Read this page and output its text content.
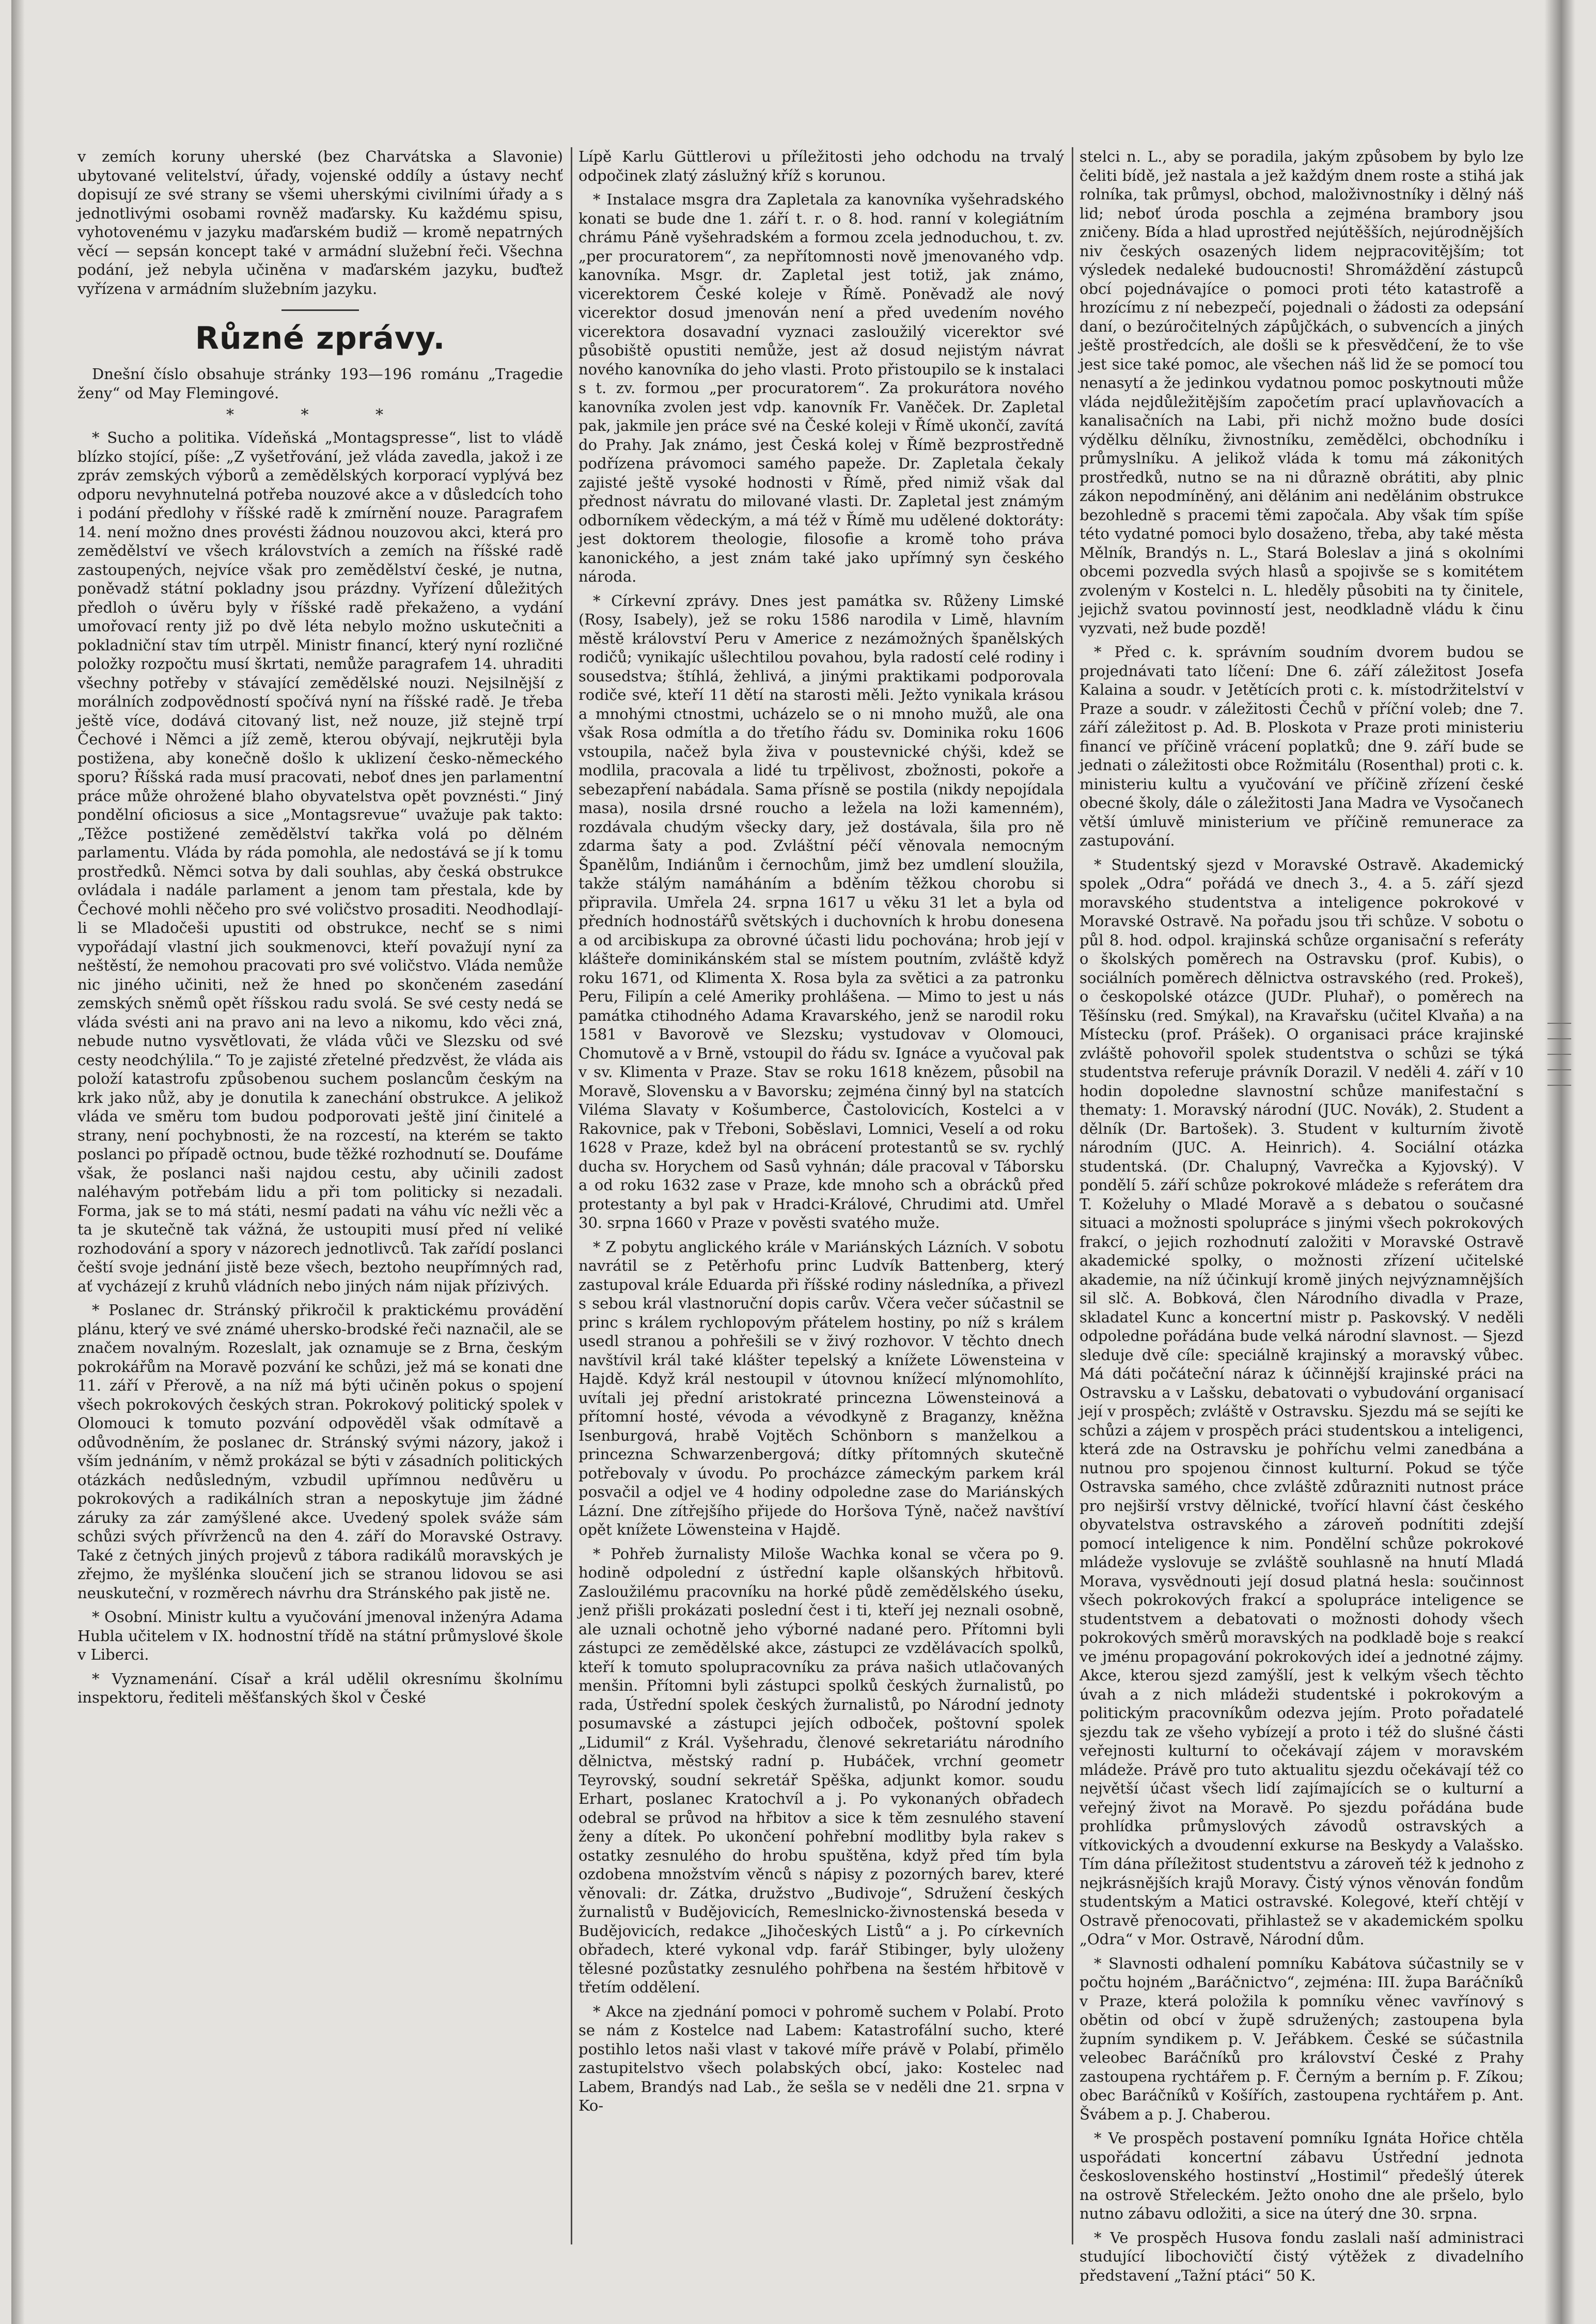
v zemích koruny uherské (bez Charvátska a Slavonie) ubytované velitelství, úřady, vojenské oddíly a ústavy nechť dopisují ze své strany se všemi uherskými civilními úřady a s jednotlivými osobami rovněž maďarsky. Ku každému spisu, vyhotovenému v jazyku maďarském budiž — kromě nepatrných věcí — sepsán koncept také v armádní služební řeči. Všechna podání, jež nebyla učiněna v maďarském jazyku, buďtež vyřízena v armádním služebním jazyku.

Různé zprávy.

Dnešní číslo obsahuje stránky 193—196 románu „Tragedie ženy“ od May Flemingové.

* * *

* Sucho a politika. Vídeňská „Montagspresse“, list to vládě blízko stojící, píše: „Z vyšetřování, jež vláda zavedla, jakož i ze zpráv zemských výborů a zemědělských korporací vyplývá bez odporu nevyhnutelná potřeba nouzové akce a v důsledcích toho i podání předlohy v říšské radě k zmírnění nouze. Paragrafem 14. není možno dnes provésti žádnou nouzovou akci, která pro zemědělství ve všech královstvích a zemích na říšské radě zastoupených, nejvíce však pro zemědělství české, je nutna, poněvadž státní pokladny jsou prázdny. Vyřízení důležitých předloh o úvěru byly v říšské radě překaženo, a vydání umořovací renty již po dvě léta nebylo možno uskutečniti a pokladniční stav tím utrpěl. Ministr financí, který nyní rozličné položky rozpočtu musí škrtati, nemůže paragrafem 14. uhraditi všechny potřeby v stávající zemědělské nouzi. Nejsilnější z morálních zodpovědností spočívá nyní na říšské radě. Je třeba ještě více, dodává citovaný list, než nouze, již stejně trpí Čechové i Němci a jíž země, kterou obývají, nejkrutěji byla postižena, aby konečně došlo k uklizení česko-německého sporu? Říšská rada musí pracovati, neboť dnes jen parlamentní práce může ohrožené blaho obyvatelstva opět povznésti.“ Jiný pondělní oficiosus a sice „Montagsrevue“ uvažuje pak takto: „Těžce postižené zemědělství takřka volá po dělném parlamentu. Vláda by ráda pomohla, ale nedostává se jí k tomu prostředků. Němci sotva by dali souhlas, aby česká obstrukce ovládala i nadále parlament a jenom tam přestala, kde by Čechové mohli něčeho pro své voličstvo prosaditi. Neodhodlají-li se Mladočeši upustiti od obstrukce, nechť se s nimi vypořádají vlastní jich soukmenovci, kteří považují nyní za neštěstí, že nemohou pracovati pro své voličstvo. Vláda nemůže nic jiného učiniti, než že hned po skončeném zasedání zemských sněmů opět říšskou radu svolá. Se své cesty nedá se vláda svésti ani na pravo ani na levo a nikomu, kdo věci zná, nebude nutno vysvětlovati, že vláda vůči ve Slezsku od své cesty neodchýlila.“ To je zajisté zřetelné předzvěst, že vláda ais položí katastrofu způsobenou suchem poslancům českým na krk jako nůž, aby je donutila k zanechání obstrukce. A jelikož vláda ve směru tom budou podporovati ještě jiní činitelé a strany, není pochybnosti, že na rozcestí, na kterém se takto poslanci po případě octnou, bude těžké rozhodnutí se. Doufáme však, že poslanci naši najdou cestu, aby učinili zadost naléhavým potřebám lidu a při tom politicky si nezadali. Forma, jak se to má státi, nesmí padati na váhu víc nežli věc a ta je skutečně tak vážná, že ustoupiti musí před ní veliké rozhodování a spory v názorech jednotlivců. Tak zařídí poslanci čeští svoje jednání jistě beze všech, beztoho neupřímných rad, ať vycházejí z kruhů vládních nebo jiných nám nijak přízivých.

* Poslanec dr. Stránský přikročil k praktickému provádění plánu, který ve své známé uhersko-brodské řeči naznačil, ale se značem novalným. Rozeslalt, jak oznamuje se z Brna, českým pokrokářům na Moravě pozvání ke schůzi, jež má se konati dne 11. září v Přerově, a na níž má býti učiněn pokus o spojení všech pokrokových českých stran. Pokrokový politický spolek v Olomouci k tomuto pozvání odpověděl však odmítavě a odůvodněním, že poslanec dr. Stránský svými názory, jakož i vším jednáním, v němž prokázal se býti v zásadních politických otázkách nedůsledným, vzbudil upřímnou nedůvěru u pokrokových a radikálních stran a neposkytuje jim žádné záruky za zár zamýšlené akce. Uvedený spolek sváže sám schůzi svých přívrženců na den 4. září do Moravské Ostravy. Také z četných jiných projevů z tábora radikálů moravských je zřejmo, že myšlénka sloučení jich se stranou lidovou se asi neuskuteční, v rozměrech návrhu dra Stránského pak jistě ne.

* Osobní. Ministr kultu a vyučování jmenoval inženýra Adama Hubla učitelem v IX. hodnostní třídě na státní průmyslové škole v Liberci.

* Vyznamenání. Císař a král udělil okresnímu školnímu inspektoru, řediteli měšťanských škol v České

Lípě Karlu Güttlerovi u příležitosti jeho odchodu na trvalý odpočinek zlatý záslužný kříž s korunou.

* Instalace msgra dra Zapletala za kanovníka vyšehradského konati se bude dne 1. září t. r. o 8. hod. ranní v kolegiátním chrámu Páně vyšehradském a formou zcela jednoduchou, t. zv. „per procuratorem“, za nepřítomnosti nově jmenovaného vdp. kanovníka. Msgr. dr. Zapletal jest totiž, jak známo, vicerektorem České koleje v Římě. Poněvadž ale nový vicerektor dosud jmenován není a před uvedením nového vicerektora dosavadní vyznaci zasloužilý vicerektor své působiště opustiti nemůže, jest až dosud nejistým návrat nového kanovníka do jeho vlasti. Proto přistoupilo se k instalaci s t. zv. formou „per procuratorem“. Za prokurátora nového kanovníka zvolen jest vdp. kanovník Fr. Vaněček. Dr. Zapletal pak, jakmile jen práce své na České koleji v Římě ukončí, zavítá do Prahy. Jak známo, jest Česká kolej v Římě bezprostředně podřízena právomoci samého papeže. Dr. Zapletala čekaly zajisté ještě vysoké hodnosti v Římě, před nimiž však dal přednost návratu do milované vlasti. Dr. Zapletal jest známým odborníkem vědeckým, a má též v Římě mu udělené doktoráty: jest doktorem theologie, filosofie a kromě toho práva kanonického, a jest znám také jako upřímný syn českého národa.

* Církevní zprávy. Dnes jest památka sv. Růženy Limské (Rosy, Isabely), jež se roku 1586 narodila v Limě, hlavním městě království Peru v Americe z nezámožných španělských rodičů; vynikajíc ušlechtilou povahou, byla radostí celé rodiny i sousedstva; štíhlá, žehlivá, a jinými praktikami podporovala rodiče své, kteří 11 dětí na starosti měli. Ježto vynikala krásou a mnohými ctnostmi, ucházelo se o ni mnoho mužů, ale ona však Rosa odmítla a do třetího řádu sv. Dominika roku 1606 vstoupila, načež byla živa v poustevnické chýši, kdež se modlila, pracovala a lidé tu trpělivost, zbožnosti, pokoře a sebezapření nabádala. Sama přísně se postila (nikdy nepojídala masa), nosila drsné roucho a ležela na loži kamenném), rozdávala chudým všecky dary, jež dostávala, šila pro ně zdarma šaty a pod. Zvláštní péčí věnovala nemocným Španělům, Indiánům i černochům, jimž bez umdlení sloužila, takže stálým namáháním a bděním těžkou chorobu si připravila. Umřela 24. srpna 1617 u věku 31 let a byla od předních hodnostářů světských i duchovních k hrobu donesena a od arcibiskupa za obrovné účasti lidu pochována; hrob její v klášteře dominikánském stal se místem poutním, zvláště když roku 1671, od Klimenta X. Rosa byla za světici a za patronku Peru, Filipín a celé Ameriky prohlášena. — Mimo to jest u nás památka ctihodného Adama Kravarského, jenž se narodil roku 1581 v Bavorově ve Slezsku; vystudovav v Olomouci, Chomutově a v Brně, vstoupil do řádu sv. Ignáce a vyučoval pak v sv. Klimenta v Praze. Stav se roku 1618 knězem, působil na Moravě, Slovensku a v Bavorsku; zejména činný byl na statcích Viléma Slavaty v Košumberce, Častolovicích, Kostelci a v Rakovnice, pak v Třeboni, Soběslavi, Lomnici, Veselí a od roku 1628 v Praze, kdež byl na obrácení protestantů se sv. rychlý ducha sv. Horychem od Sasů vyhnán; dále pracoval v Táborsku a od roku 1632 zase v Praze, kde mnoho sch a obrácků před protestanty a byl pak v Hradci-Králové, Chrudimi atd. Umřel 30. srpna 1660 v Praze v pověsti svatého muže.

* Z pobytu anglického krále v Mariánských Lázních. V sobotu navrátil se z Petěrhofu princ Ludvík Battenberg, který zastupoval krále Eduarda při říšské rodiny následníka, a přivezl s sebou král vlastnoruční dopis carův. Včera večer súčastnil se princ s králem rychlopovým přátelem hostiny, po níž s králem usedl stranou a pohřešili se v živý rozhovor. V těchto dnech navštívil král také klášter tepelský a knížete Löwensteina v Hajdě. Když král nestoupil v útovnou knížecí mlýnomohlíto, uvítali jej přední aristokraté princezna Löwensteinová a přítomní hosté, vévoda a vévodkyně z Braganzy, kněžna Isenburgová, hrabě Vojtěch Schönborn s manželkou a princezna Schwarzenbergová; dítky přítomných skutečně potřebovaly v úvodu. Po procházce zámeckým parkem král posvačil a odjel ve 4 hodiny odpoledne zase do Mariánských Lázní. Dne zítřejšího přijede do Horšova Týně, načež navštíví opět knížete Löwensteina v Hajdě.

* Pohřeb žurnalisty Miloše Wachka konal se včera po 9. hodině odpolední z ústřední kaple olšanských hřbitovů. Zasloužilému pracovníku na horké půdě zemědělského úseku, jenž přišli prokázati poslední čest i ti, kteří jej neznali osobně, ale uznali ochotně jeho výborné nadané pero. Přítomni byli zástupci ze zemědělské akce, zástupci ze vzdělávacích spolků, kteří k tomuto spolupracovníku za práva našich utlačovaných menšin. Přítomni byli zástupci spolků českých žurnalistů, po rada, Ústřední spolek českých žurnalistů, po Národní jednoty posumavské a zástupci jejích odboček, poštovní spolek „Lidumil“ z Král. Vyšehradu, členové sekretariátu národního dělnictva, městský radní p. Hubáček, vrchní geometr Teyrovský, soudní sekretář Spěška, adjunkt komor. soudu Erhart, poslanec Kratochvíl a j. Po vykonaných obřadech odebral se průvod na hřbitov a sice k těm zesnulého stavení ženy a dítek. Po ukončení pohřební modlitby byla rakev s ostatky zesnulého do hrobu spuštěna, když před tím byla ozdobena množstvím věnců s nápisy z pozorných barev, které věnovali: dr. Zátka, družstvo „Budivoje“, Sdružení českých žurnalistů v Budějovicích, Remeslnicko-živnostenská beseda v Budějovicích, redakce „Jihočeských Listů“ a j. Po církevních obřadech, které vykonal vdp. farář Stibinger, byly uloženy tělesné pozůstatky zesnulého pohřbena na šestém hřbitově v třetím oddělení.

* Akce na zjednání pomoci v pohromě suchem v Polabí. Proto se nám z Kostelce nad Labem: Katastrofální sucho, které postihlo letos naši vlast v takové míře právě v Polabí, přimělo zastupitelstvo všech polabských obcí, jako: Kostelec nad Labem, Brandýs nad Lab., že sešla se v neděli dne 21. srpna v Ko-

stelci n. L., aby se poradila, jakým způsobem by bylo lze čeliti bídě, jež nastala a jež každým dnem roste a stihá jak rolníka, tak průmysl, obchod, maloživnostníky i dělný náš lid; neboť úroda poschla a zejména brambory jsou zničeny. Bída a hlad uprostřed nejútěšších, nejúrodnějších niv českých osazených lidem nejpracovitějším; tot výsledek nedaleké budoucnosti! Shromáždění zástupců obcí pojednávajíce o pomoci proti této katastrofě a hrozícímu z ní nebezpečí, pojednali o žádosti za odepsání daní, o bezúročitelných zápůjčkách, o subvencích a jiných ještě prostředcích, ale došli se k přesvědčení, že to vše jest sice také pomoc, ale všechen náš lid že se pomocí tou nenasytí a že jedinkou vydatnou pomoc poskytnouti může vláda nejdůležitějším započetím prací uplavňovacích a kanalisačních na Labi, při nichž možno bude dosíci výdělku dělníku, živnostníku, zemědělci, obchodníku i průmyslníku. A jelikož vláda k tomu má zákonitých prostředků, nutno se na ni důrazně obrátiti, aby plnic zákon nepodmíněný, ani dělánim ani nedělánim obstrukce bezohledně s pracemi těmi započala. Aby však tím spíše této vydatné pomoci bylo dosaženo, třeba, aby také města Mělník, Brandýs n. L., Stará Boleslav a jiná s okolními obcemi pozvedla svých hlasů a spojivše se s komitétem zvoleným v Kostelci n. L. hleděly působiti na ty činitele, jejichž svatou povinností jest, neodkladně vládu k činu vyzvati, než bude pozdě!

* Před c. k. správním soudním dvorem budou se projednávati tato líčení: Dne 6. září záležitost Josefa Kalaina a soudr. v Jetětících proti c. k. místodržitelství v Praze a soudr. v záležitosti Čechů v příční voleb; dne 7. září záležitost p. Ad. B. Ploskota v Praze proti ministeriu financí ve příčině vrácení poplatků; dne 9. září bude se jednati o záležitosti obce Rožmitálu (Rosenthal) proti c. k. ministeriu kultu a vyučování ve příčině zřízení české obecné školy, dále o záležitosti Jana Madra ve Vysočanech větší úmluvě ministerium ve příčině remunerace za zastupování.

* Studentský sjezd v Moravské Ostravě. Akademický spolek „Odra“ pořádá ve dnech 3., 4. a 5. září sjezd moravského studentstva a inteligence pokrokové v Moravské Ostravě. Na pořadu jsou tři schůze. V sobotu o půl 8. hod. odpol. krajinská schůze organisační s referáty o školských poměrech na Ostravsku (prof. Kubis), o sociálních poměrech dělnictva ostravského (red. Prokeš), o českopolské otázce (JUDr. Pluhař), o poměrech na Těšínsku (red. Smýkal), na Kravařsku (učitel Klvaňa) a na Místecku (prof. Prášek). O organisaci práce krajinské zvláště pohovořil spolek studentstva o schůzi se týká studentstva referuje právník Dorazil. V neděli 4. září v 10 hodin dopoledne slavnostní schůze manifestační s thematy: 1. Moravský národní (JUC. Novák), 2. Student a dělník (Dr. Bartošek). 3. Student v kulturním životě národním (JUC. A. Heinrich). 4. Sociální otázka studentská. (Dr. Chalupný, Vavrečka a Kyjovský). V pondělí 5. září schůze pokrokové mládeže s referátem dra T. Koželuhy o Mladé Moravě a s debatou o současné situaci a možnosti spolupráce s jinými všech pokrokových frakcí, o jejich rozhodnutí založiti v Moravské Ostravě akademické spolky, o možnosti zřízení učitelské akademie, na níž účinkují kromě jiných nejvýznamnějších sil slč. A. Bobková, člen Národního divadla v Praze, skladatel Kunc a koncertní mistr p. Paskovský. V neděli odpoledne pořádána bude velká národní slavnost. — Sjezd sleduje dvě cíle: speciálně krajinský a moravský vůbec. Má dáti počáteční náraz k účinnější krajinské práci na Ostravsku a v Lašsku, debatovati o vybudování organisací její v prospěch; zvláště v Ostravsku. Sjezdu má se sejíti ke schůzi a zájem v prospěch práci studentskou a inteligenci, která zde na Ostravsku je pohříchu velmi zanedbána a nutnou pro spojenou činnost kulturní. Pokud se týče Ostravska samého, chce zvláště zdůrazniti nutnost práce pro nejširší vrstvy dělnické, tvořící hlavní část českého obyvatelstva ostravského a zároveň podnítiti zdejší pomocí inteligence k nim. Pondělní schůze pokrokové mládeže vyslovuje se zvláště souhlasně na hnutí Mladá Morava, vysvědnouti její dosud platná hesla: součinnost všech pokrokových frakcí a spolupráce inteligence se studentstvem a debatovati o možnosti dohody všech pokrokových směrů moravských na podkladě boje s reakcí ve jménu propagování pokrokových ideí a jednotné zájmy. Akce, kterou sjezd zamýšlí, jest k velkým všech těchto úvah a z nich mládeži studentské i pokrokovým a politickým pracovníkům odezva jejím. Proto pořadatelé sjezdu tak ze všeho vybízejí a proto i též do slušné části veřejnosti kulturní to očekávají zájem v moravském mládeže. Právě pro tuto aktualitu sjezdu očekávají též co největší účast všech lidí zajímajících se o kulturní a veřejný život na Moravě. Po sjezdu pořádána bude prohlídka průmyslových závodů ostravských a vítkovických a dvoudenní exkurse na Beskydy a Valašsko. Tím dána příležitost studentstvu a zároveň též k jednoho z nejkrásnějších krajů Moravy. Čistý výnos věnován fondům studentským a Matici ostravské. Kolegové, kteří chtějí v Ostravě přenocovati, přihlastež se v akademickém spolku „Odra“ v Mor. Ostravě, Národní dům.

* Slavnosti odhalení pomníku Kabátova súčastnily se v počtu hojném „Baráčnictvo“, zejména: III. župa Baráčníků v Praze, která položila k pomníku věnec vavřínový s obětin od obcí v župě sdružených; zastoupena byla župním syndikem p. V. Jeřábkem. České se súčastnila veleobec Baráčníků pro království České z Prahy zastoupena rychtářem p. F. Černým a berním p. F. Zíkou; obec Baráčníků v Košířích, zastoupena rychtářem p. Ant. Švábem a p. J. Chaberou.

* Ve prospěch postavení pomníku Ignáta Hořice chtěla uspořádati koncertní zábavu Ústřední jednota československého hostinství „Hostimil“ předešlý úterek na ostrově Střeleckém. Ježto onoho dne ale pršelo, bylo nutno zábavu odložiti, a sice na úterý dne 30. srpna.

* Ve prospěch Husova fondu zaslali naší administraci studující libochovičtí čistý výtěžek z divadelního představení „Tažní ptáci“ 50 K.
